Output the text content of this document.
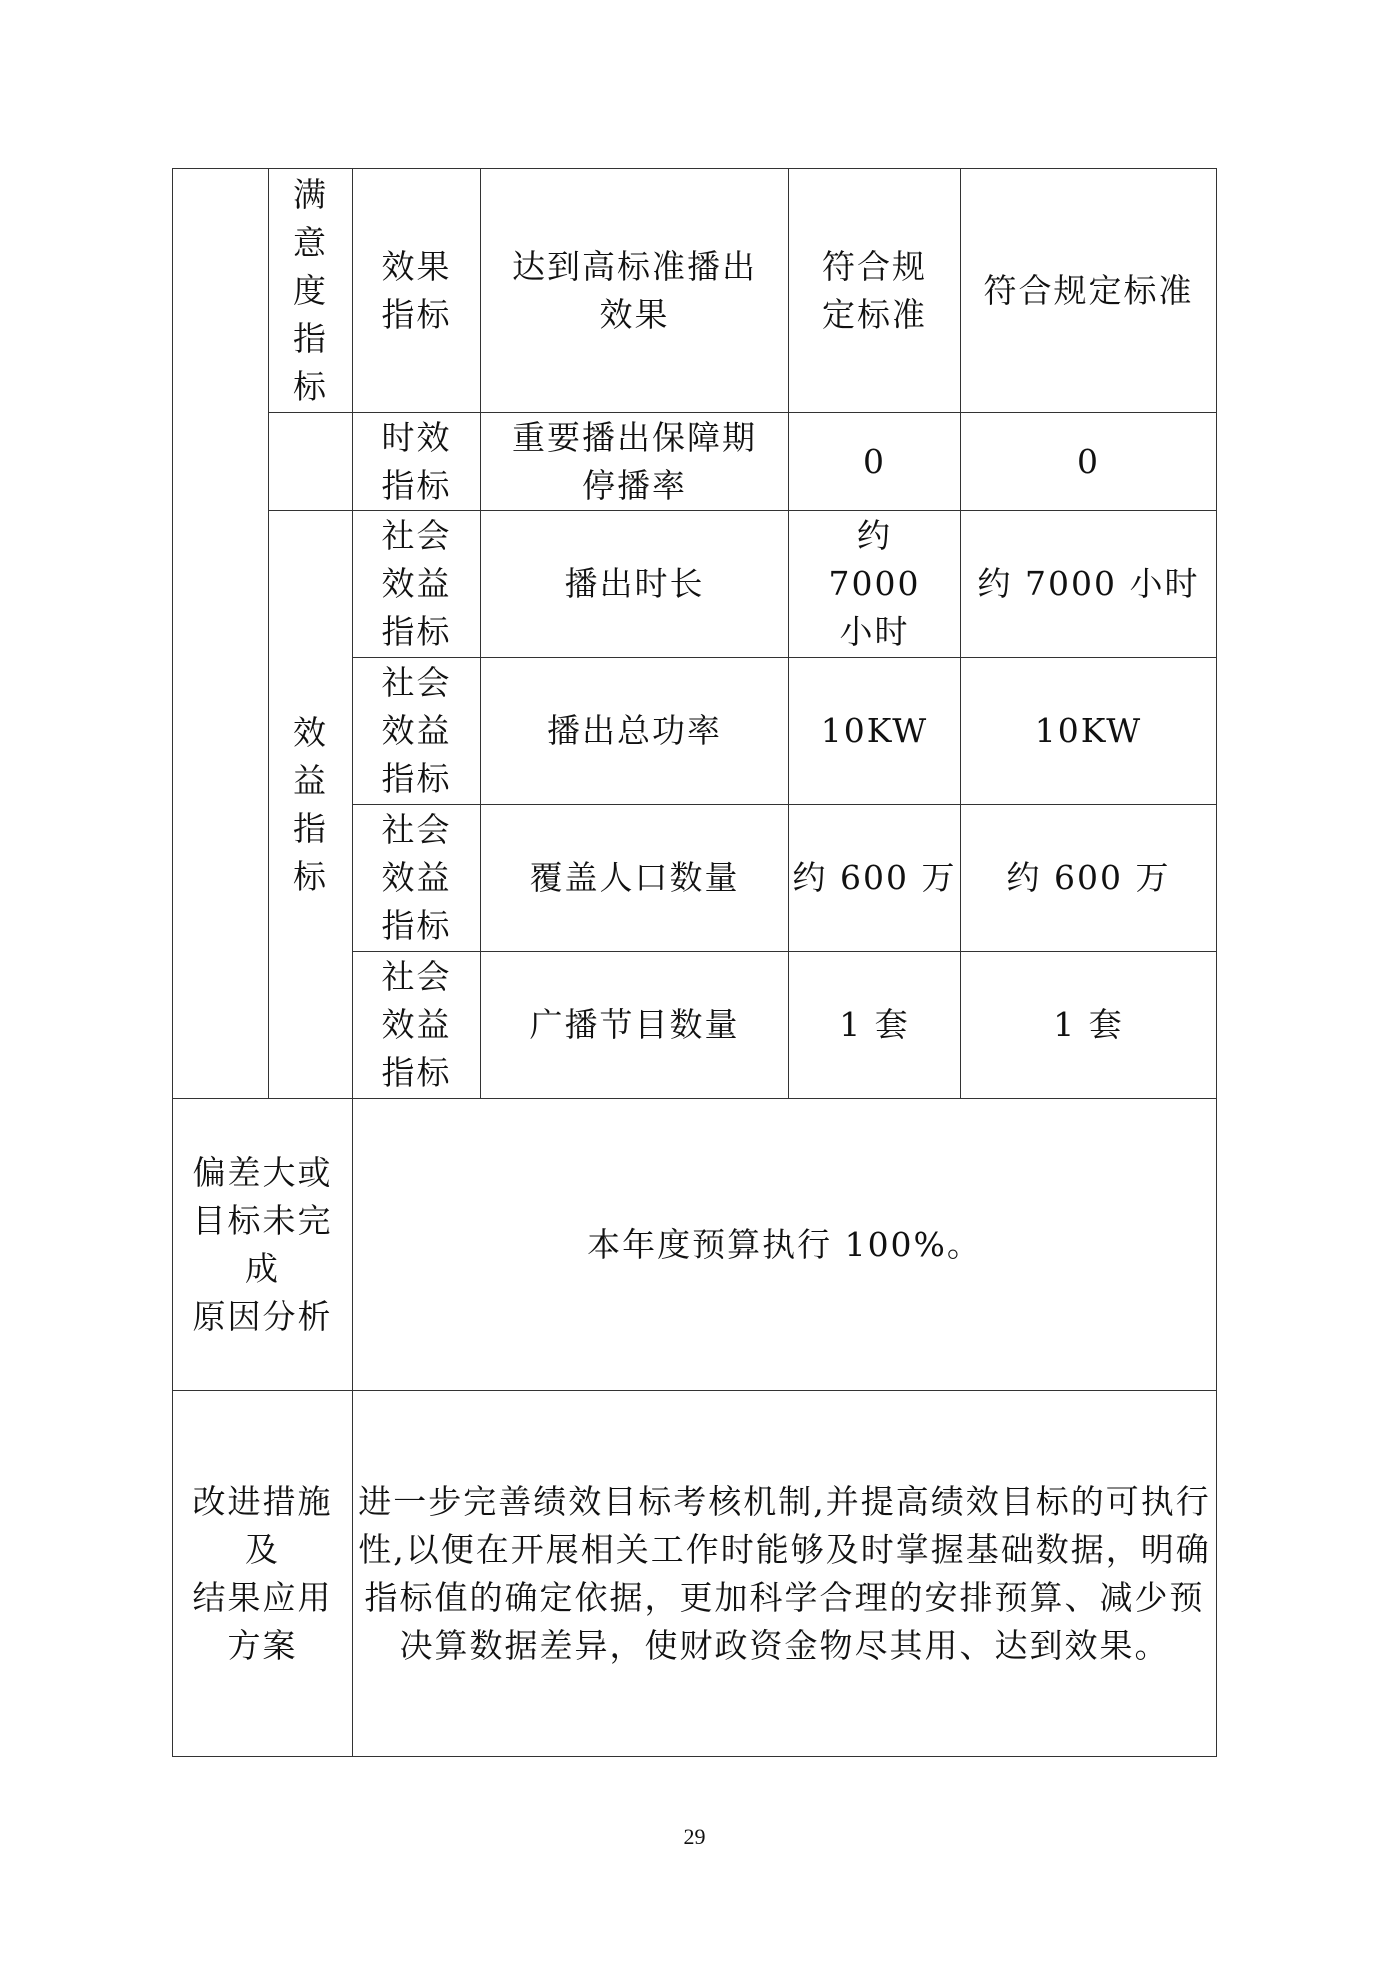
	满意度指标	效果指标	达到高标准播出效果	符合规定标准	符合规定标准

		时效指标	重要播出保障期停播率	0	0

	效益指标	社会效益指标	播出时长	约 7000 小时	约 7000 小时

		社会效益指标	播出总功率	10KW	10KW

		社会效益指标	覆盖人口数量	约 600 万	约 600 万

		社会效益指标	广播节目数量	1 套	1 套

偏差大或
目标未完
成
原因分析		本年度预算执行 100%。			

改进措施
及
结果应用
方案		进一步完善绩效目标考核机制,并提高绩效目标的可执行性,以便在开展相关工作时能够及时掌握基础数据，明确指标值的确定依据，更加科学合理的安排预算、减少预决算数据差异，使财政资金物尽其用、达到效果。			
29
